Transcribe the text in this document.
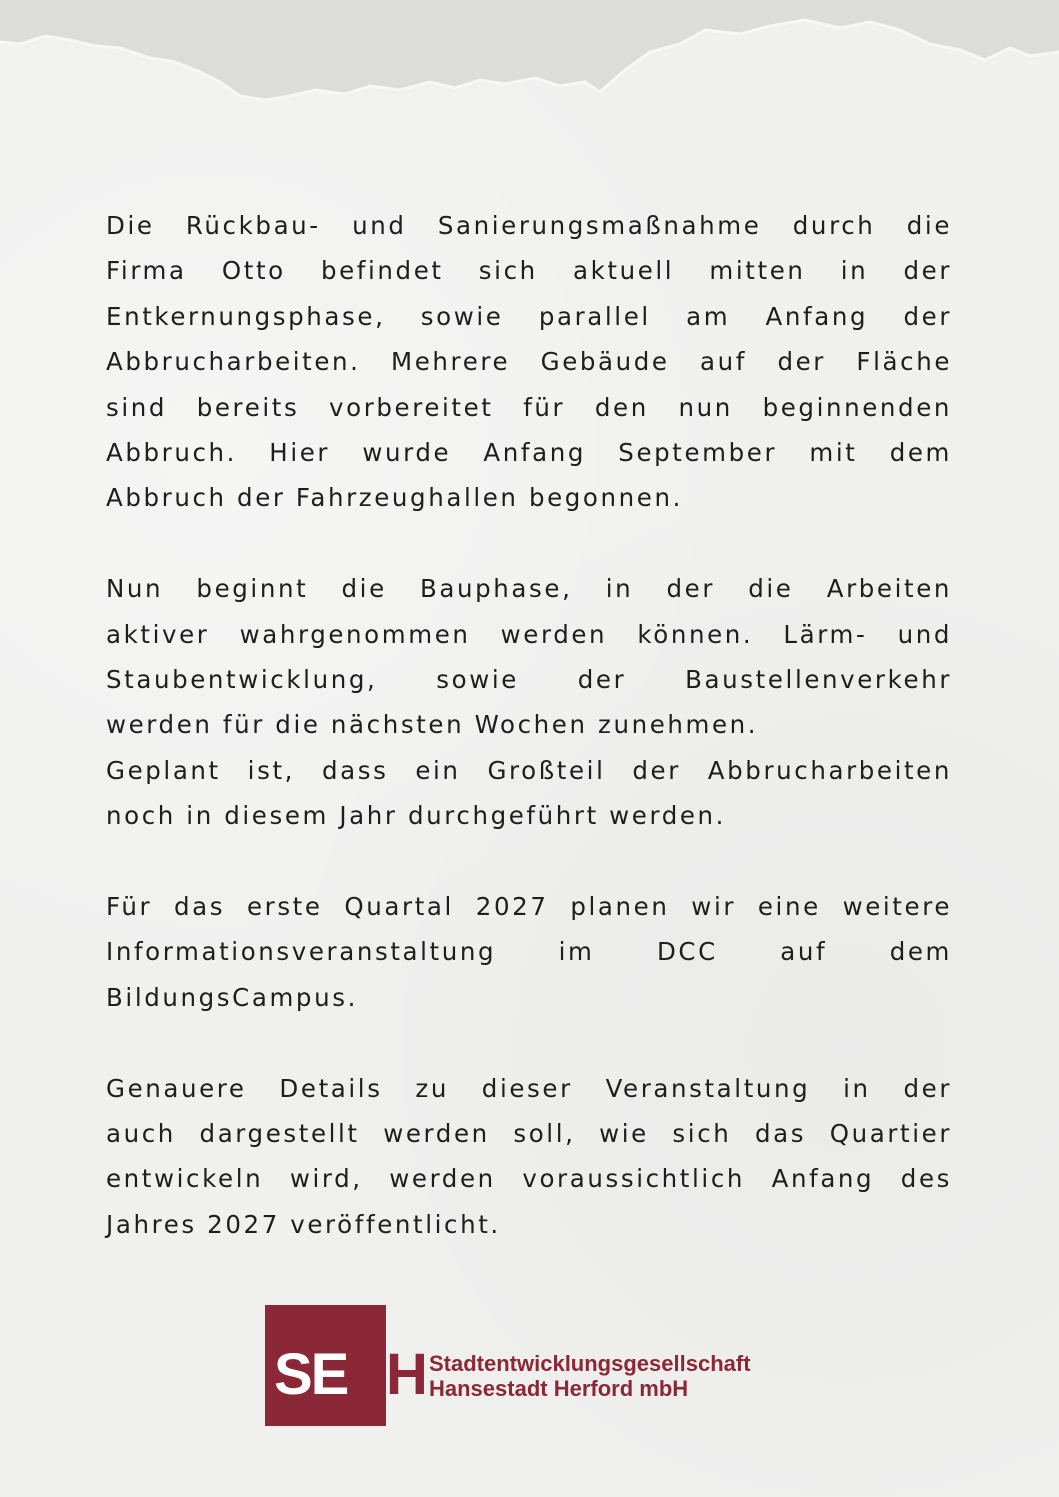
Die Rückbau- und Sanierungsmaßnahme durch die
Firma Otto befindet sich aktuell mitten in der
Entkernungsphase, sowie parallel am Anfang der
Abbrucharbeiten. Mehrere Gebäude auf der Fläche
sind bereits vorbereitet für den nun beginnenden
Abbruch. Hier wurde Anfang September mit dem
Abbruch der Fahrzeughallen begonnen.
Nun beginnt die Bauphase, in der die Arbeiten
aktiver wahrgenommen werden können. Lärm- und
Staubentwicklung, sowie der Baustellenverkehr
werden für die nächsten Wochen zunehmen.
Geplant ist, dass ein Großteil der Abbrucharbeiten
noch in diesem Jahr durchgeführt werden.
Für das erste Quartal 2027 planen wir eine weitere
Informationsveranstaltung im DCC auf dem
BildungsCampus.
Genauere Details zu dieser Veranstaltung in der
auch dargestellt werden soll, wie sich das Quartier
entwickeln wird, werden voraussichtlich Anfang des
Jahres 2027 veröffentlicht.
SE H Stadtentwicklungsgesellschaft
Hansestadt Herford mbH
